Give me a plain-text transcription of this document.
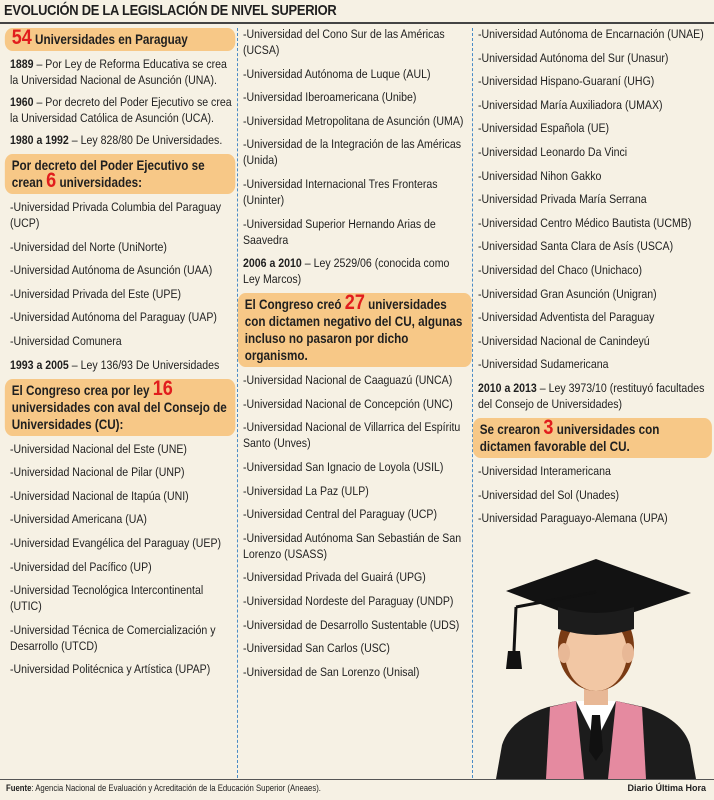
EVOLUCIÓN DE LA LEGISLACIÓN DE NIVEL SUPERIOR
54 Universidades en Paraguay
1889 – Por Ley de Reforma Educativa se crea la Universidad Nacional de Asunción (UNA).
1960 – Por decreto del Poder Ejecutivo se crea la Universidad Católica de Asunción (UCA).
1980 a 1992 – Ley 828/80 De Universidades.
Por decreto del Poder Ejecutivo se crean 6 universidades:
-Universidad Privada Columbia del Paraguay (UCP)
-Universidad del Norte (UniNorte)
-Universidad Autónoma de Asunción (UAA)
-Universidad Privada del Este (UPE)
-Universidad Autónoma del Paraguay (UAP)
-Universidad Comunera
1993 a 2005 – Ley 136/93 De Universidades
El Congreso crea por ley 16 universidades con aval del Consejo de Universidades (CU):
-Universidad Nacional del Este (UNE)
-Universidad Nacional de Pilar (UNP)
-Universidad Nacional de Itapúa (UNI)
-Universidad Americana (UA)
-Universidad Evangélica del Paraguay (UEP)
-Universidad del Pacífico (UP)
-Universidad Tecnológica Intercontinental (UTIC)
-Universidad Técnica de Comercialización y Desarrollo (UTCD)
-Universidad Politécnica y Artística (UPAP)
-Universidad del Cono Sur de las Américas (UCSA)
-Universidad Autónoma de Luque (AUL)
-Universidad Iberoamericana (Unibe)
-Universidad Metropolitana de Asunción (UMA)
-Universidad de la Integración de las Américas (Unida)
-Universidad Internacional Tres Fronteras (Uninter)
-Universidad Superior Hernando Arias de Saavedra
2006 a 2010 – Ley 2529/06 (conocida como Ley Marcos)
El Congreso creó 27 universidades con dictamen negativo del CU, algunas incluso no pasaron por dicho organismo.
-Universidad Nacional de Caaguazú (UNCA)
-Universidad Nacional de Concepción (UNC)
-Universidad Nacional de Villarrica del Espíritu Santo (Unves)
-Universidad San Ignacio de Loyola (USIL)
-Universidad La Paz (ULP)
-Universidad Central del Paraguay (UCP)
-Universidad Autónoma San Sebastián de San Lorenzo (USASS)
-Universidad Privada del Guairá (UPG)
-Universidad Nordeste del Paraguay (UNDP)
-Universidad de Desarrollo Sustentable (UDS)
-Universidad San Carlos (USC)
-Universidad de San Lorenzo (Unisal)
-Universidad Autónoma de Encarnación (UNAE)
-Universidad Autónoma del Sur (Unasur)
-Universidad Hispano-Guaraní (UHG)
-Universidad María Auxiliadora (UMAX)
-Universidad Española (UE)
-Universidad Leonardo Da Vinci
-Universidad Nihon Gakko
-Universidad Privada María Serrana
-Universidad Centro Médico Bautista (UCMB)
-Universidad Santa Clara de Asís (USCA)
-Universidad del Chaco (Unichaco)
-Universidad Gran Asunción (Unigran)
-Universidad Adventista del Paraguay
-Universidad Nacional de Canindeyú
-Universidad Sudamericana
2010 a 2013 – Ley 3973/10 (restituyó facultades del Consejo de Universidades)
Se crearon 3 universidades con dictamen favorable del CU.
-Universidad Interamericana
-Universidad del Sol (Unades)
-Universidad Paraguayo-Alemana (UPA)
Fuente: Agencia Nacional de Evaluación y Acreditación de la Educación Superior (Aneaes).	Diario Última Hora
